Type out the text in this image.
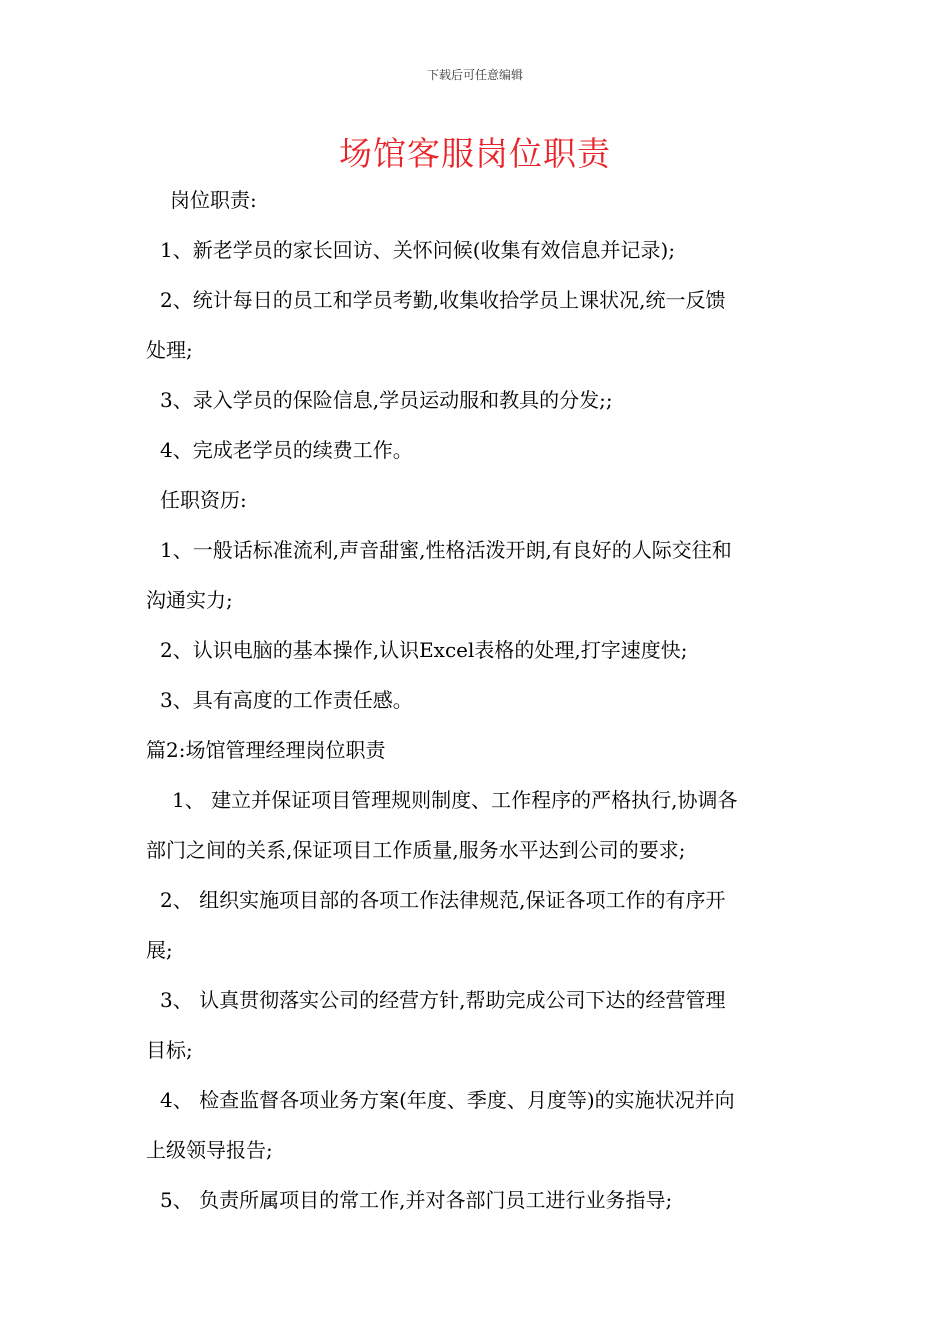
下载后可任意编辑
场馆客服岗位职责
岗位职责:
1、新老学员的家长回访、关怀问候(收集有效信息并记录);
2、统计每日的员工和学员考勤,收集收拾学员上课状况,统一反馈
处理;
3、录入学员的保险信息,学员运动服和教具的分发;;
4、完成老学员的续费工作。
任职资历:
1、一般话标准流利,声音甜蜜,性格活泼开朗,有良好的人际交往和
沟通实力;
2、认识电脑的基本操作,认识Excel表格的处理,打字速度快;
3、具有高度的工作责任感。
篇2:场馆管理经理岗位职责
1、 建立并保证项目管理规则制度、工作程序的严格执行,协调各
部门之间的关系,保证项目工作质量,服务水平达到公司的要求;
2、 组织实施项目部的各项工作法律规范,保证各项工作的有序开
展;
3、 认真贯彻落实公司的经营方针,帮助完成公司下达的经营管理
目标;
4、 检查监督各项业务方案(年度、季度、月度等)的实施状况并向
上级领导报告;
5、 负责所属项目的常工作,并对各部门员工进行业务指导;
